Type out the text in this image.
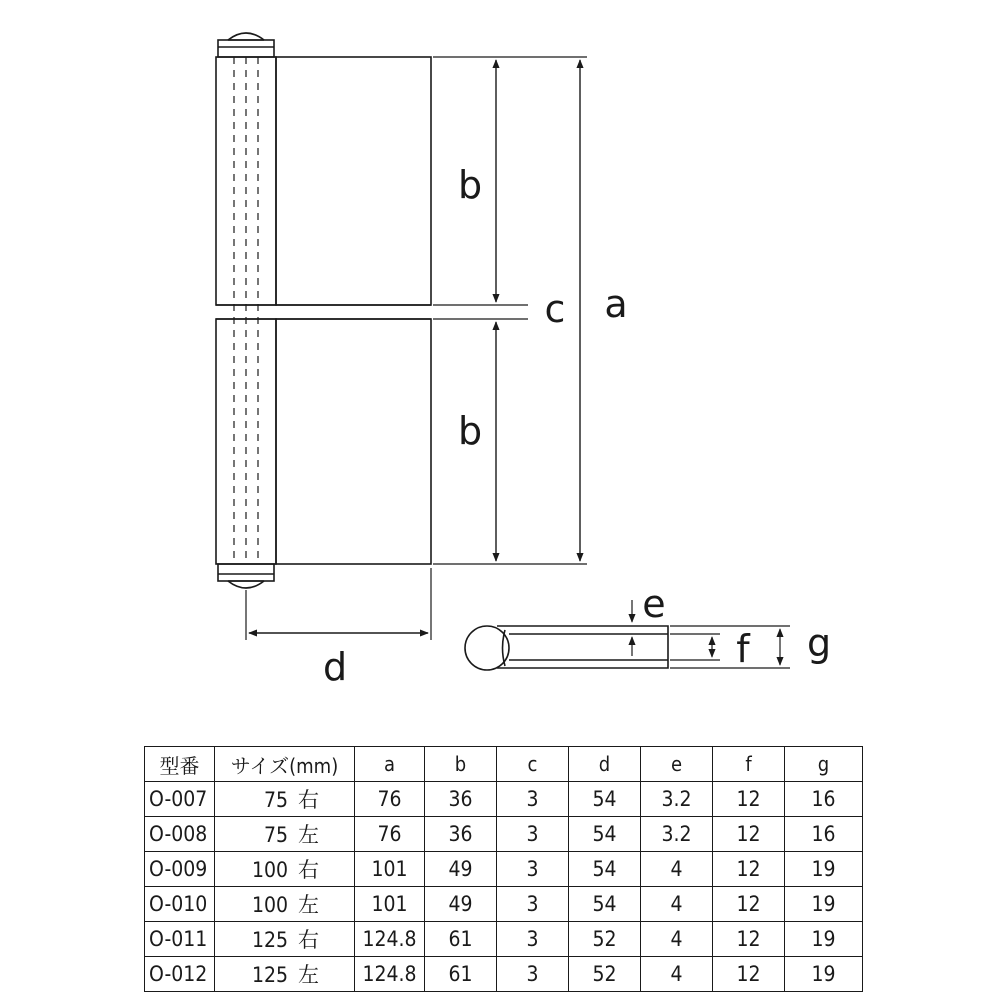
b
b
c a
d
e
f g
型番	サイズ(mm)	a	b	c	d	e	f	g
O-007	75 右	76	36	3	54	3.2	12	16
O-008	75 左	76	36	3	54	3.2	12	16
O-009	100 右	101	49	3	54	4	12	19
O-010	100 左	101	49	3	54	4	12	19
O-011	125 右	124.8	61	3	52	4	12	19
O-012	125 左	124.8	61	3	52	4	12	19
